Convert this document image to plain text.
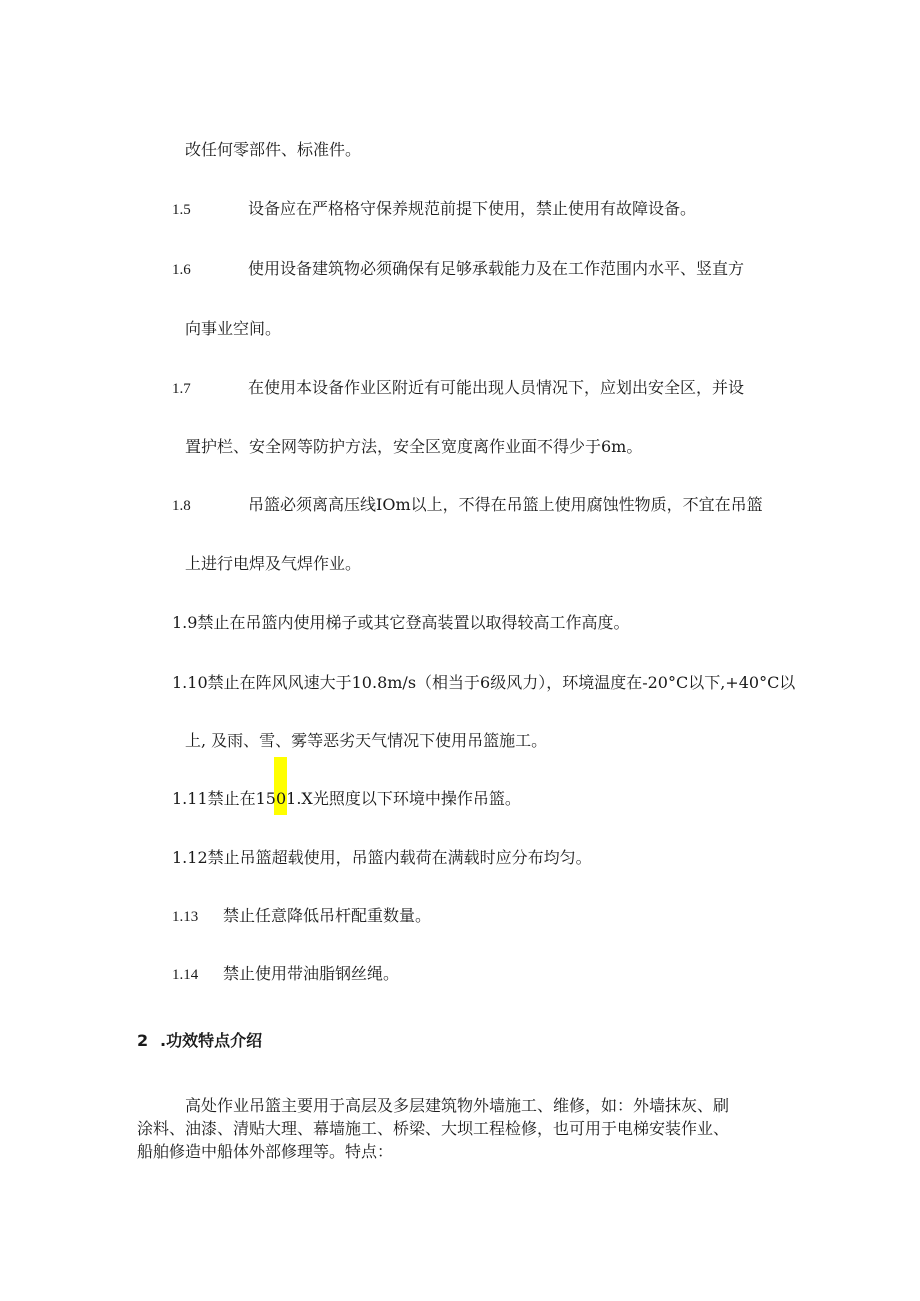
改任何零部件、标准件。
1.5	设备应在严格格守保养规范前提下使用，禁止使用有故障设备。
1.6	使用设备建筑物必须确保有足够承载能力及在工作范围内水平、竖直方
向事业空间。
1.7	在使用本设备作业区附近有可能出现人员情况下，应划出安全区，并设
置护栏、安全网等防护方法，安全区宽度离作业面不得少于6m。
1.8	吊篮必须离高压线IOm以上，不得在吊篮上使用腐蚀性物质，不宜在吊篮
上进行电焊及气焊作业。
1.9禁止在吊篮内使用梯子或其它登高装置以取得较高工作高度。
1.10禁止在阵风风速大于10.8m∕s（相当于6级风力），环境温度在-20°C以下,+40°C以
上, 及雨、雪、雾等恶劣天气情况下使用吊篮施工。
1.11禁止在1501.X光照度以下环境中操作吊篮。
1.12禁止吊篮超载使用，吊篮内载荷在满载时应分布均匀。
1.13 禁止任意降低吊杆配重数量。
1.14 禁止使用带油脂钢丝绳。
2 .功效特点介绍
高处作业吊篮主要用于高层及多层建筑物外墙施工、维修，如：外墙抹灰、刷
涂料、油漆、清贴大理、幕墙施工、桥梁、大坝工程检修，也可用于电梯安装作业、
船舶修造中船体外部修理等。特点：
